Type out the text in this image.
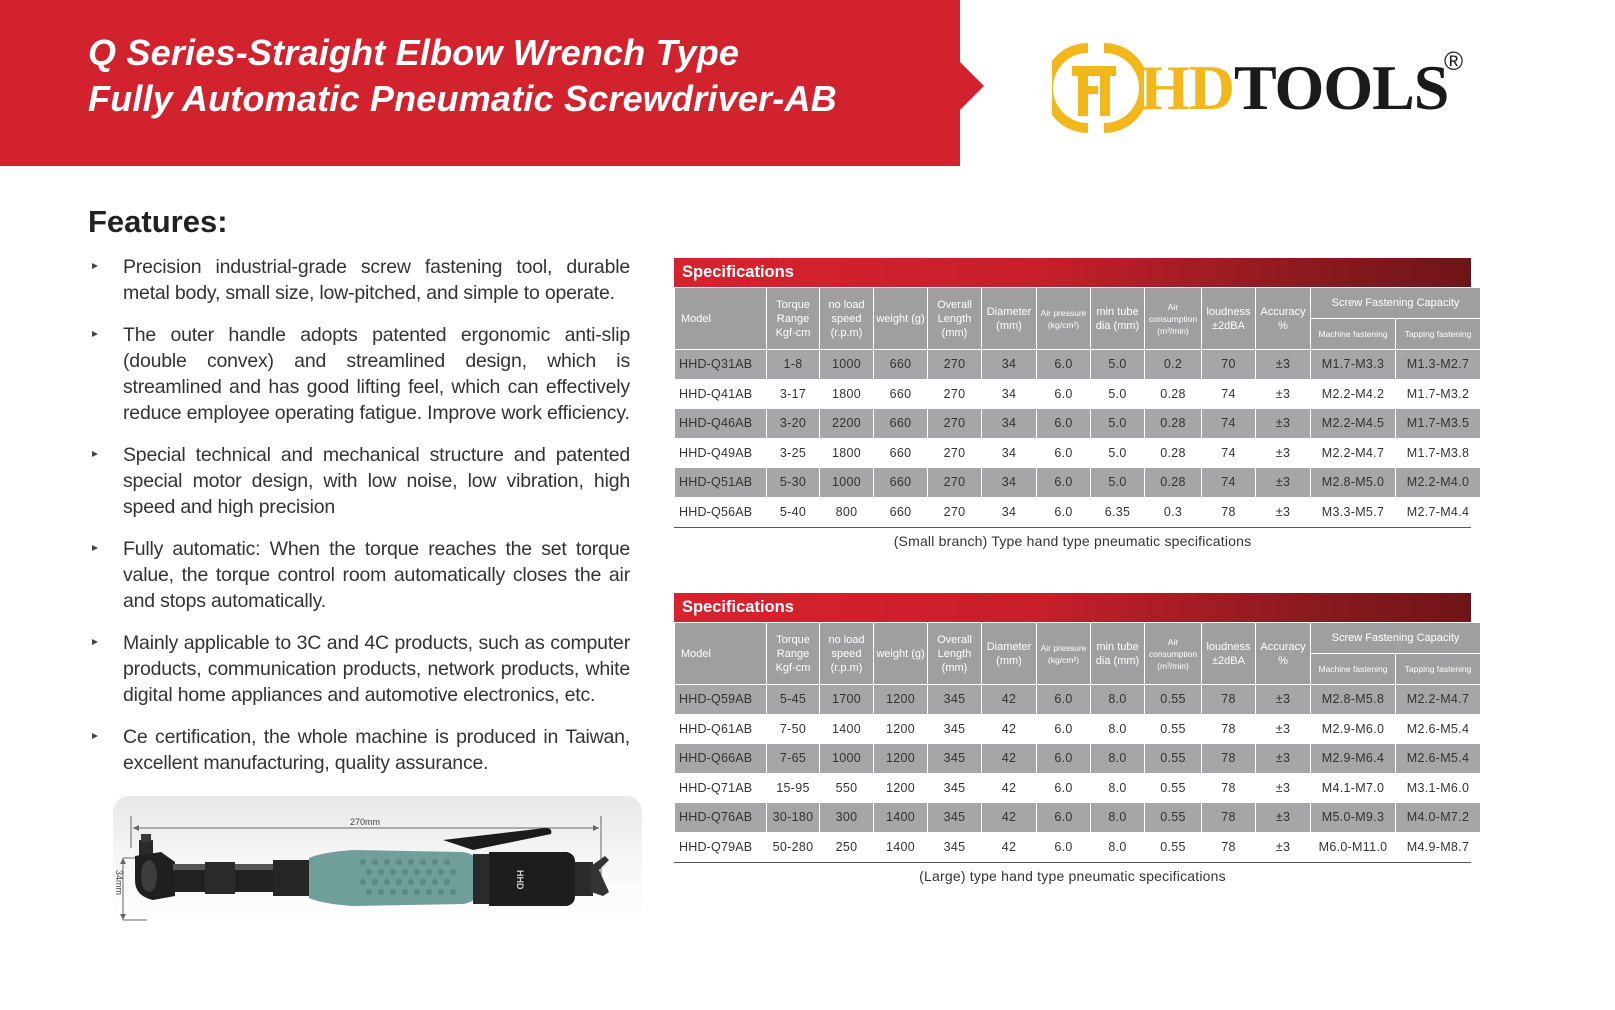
Q Series-Straight Elbow Wrench Type
Fully Automatic Pneumatic Screwdriver-AB	HDTOOLS
®
Features:
Precision industrial-grade screw fastening tool, durable metal body, small size, low-pitched, and simple to operate.
The outer handle adopts patented ergonomic anti-slip (double convex) and streamlined design, which is streamlined and has good lifting feel, which can effectively reduce employee operating fatigue. Improve work efficiency.
Special technical and mechanical structure and patented special motor design, with low noise, low vibration, high speed and high precision
Fully automatic: When the torque reaches the set torque value, the torque control room automatically closes the air and stops automatically.
Mainly applicable to 3C and 4C products, such as computer products, communication products, network products, white digital home appliances and automotive electronics, etc.
Ce certification, the whole machine is produced in Taiwan, excellent manufacturing, quality assurance.
270mm
34mm	HHD
Specifications
Model	Torque Range Kgf-cm	no load speed (r.p.m)	weight (g)	Overall Length (mm)	Diameter (mm)	Air pressure (kg/cm²)	min tube dia (mm)	Air consumption (m³/min)	loudness ±2dBA	Accuracy %	Screw Fastening Capacity	
											Machine fastening	Tapping fastening
HHD-Q31AB	1-8	1000	660	270	34	6.0	5.0	0.2	70	±3	M1.7-M3.3	M1.3-M2.7
HHD-Q41AB	3-17	1800	660	270	34	6.0	5.0	0.28	74	±3	M2.2-M4.2	M1.7-M3.2
HHD-Q46AB	3-20	2200	660	270	34	6.0	5.0	0.28	74	±3	M2.2-M4.5	M1.7-M3.5
HHD-Q49AB	3-25	1800	660	270	34	6.0	5.0	0.28	74	±3	M2.2-M4.7	M1.7-M3.8
HHD-Q51AB	5-30	1000	660	270	34	6.0	5.0	0.28	74	±3	M2.8-M5.0	M2.2-M4.0
HHD-Q56AB	5-40	800	660	270	34	6.0	6.35	0.3	78	±3	M3.3-M5.7	M2.7-M4.4
(Small branch) Type hand type pneumatic specifications
Specifications
Model	Torque Range Kgf-cm	no load speed (r.p.m)	weight (g)	Overall Length (mm)	Diameter (mm)	Air pressure (kg/cm²)	min tube dia (mm)	Air consumption (m³/min)	loudness ±2dBA	Accuracy %	Screw Fastening Capacity	
											Machine fastening	Tapping fastening
HHD-Q59AB	5-45	1700	1200	345	42	6.0	8.0	0.55	78	±3	M2.8-M5.8	M2.2-M4.7
HHD-Q61AB	7-50	1400	1200	345	42	6.0	8.0	0.55	78	±3	M2.9-M6.0	M2.6-M5.4
HHD-Q66AB	7-65	1000	1200	345	42	6.0	8.0	0.55	78	±3	M2.9-M6.4	M2.6-M5.4
HHD-Q71AB	15-95	550	1200	345	42	6.0	8.0	0.55	78	±3	M4.1-M7.0	M3.1-M6.0
HHD-Q76AB	30-180	300	1400	345	42	6.0	8.0	0.55	78	±3	M5.0-M9.3	M4.0-M7.2
HHD-Q79AB	50-280	250	1400	345	42	6.0	8.0	0.55	78	±3	M6.0-M11.0	M4.9-M8.7
(Large) type hand type pneumatic specifications
